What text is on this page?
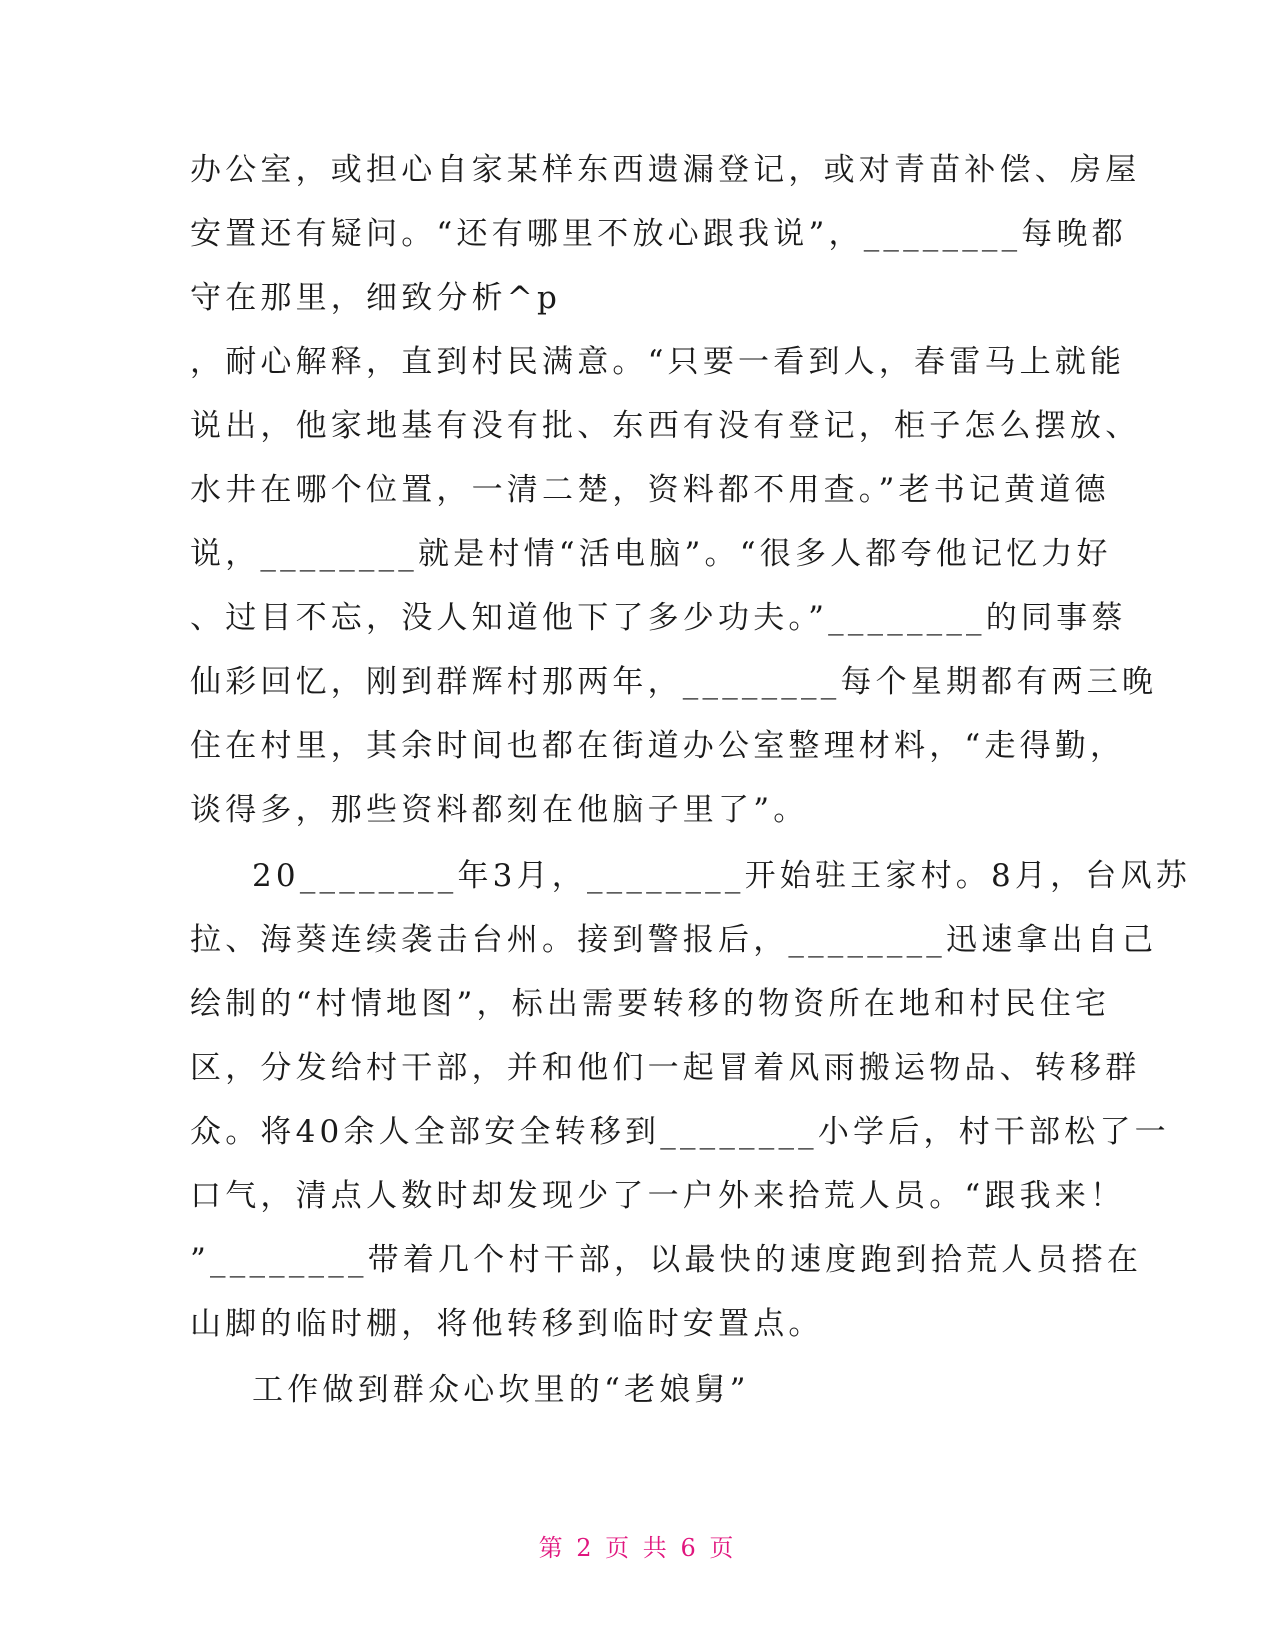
办公室，或担心自家某样东西遗漏登记，或对青苗补偿、房屋
安置还有疑问。“还有哪里不放心跟我说”，________每晚都
守在那里，细致分析^p
，耐心解释，直到村民满意。“只要一看到人，春雷马上就能
说出，他家地基有没有批、东西有没有登记，柜子怎么摆放、
水井在哪个位置，一清二楚，资料都不用查。”老书记黄道德
说，________就是村情“活电脑”。“很多人都夸他记忆力好
、过目不忘，没人知道他下了多少功夫。”________的同事蔡
仙彩回忆，刚到群辉村那两年，________每个星期都有两三晚
住在村里，其余时间也都在街道办公室整理材料，“走得勤，
谈得多，那些资料都刻在他脑子里了”。
20________年3月，________开始驻王家村。8月，台风苏
拉、海葵连续袭击台州。接到警报后，________迅速拿出自己
绘制的“村情地图”，标出需要转移的物资所在地和村民住宅
区，分发给村干部，并和他们一起冒着风雨搬运物品、转移群
众。将40余人全部安全转移到________小学后，村干部松了一
口气，清点人数时却发现少了一户外来拾荒人员。“跟我来！
”________带着几个村干部，以最快的速度跑到拾荒人员搭在
山脚的临时棚，将他转移到临时安置点。
工作做到群众心坎里的“老娘舅”
第 2 页 共 6 页
